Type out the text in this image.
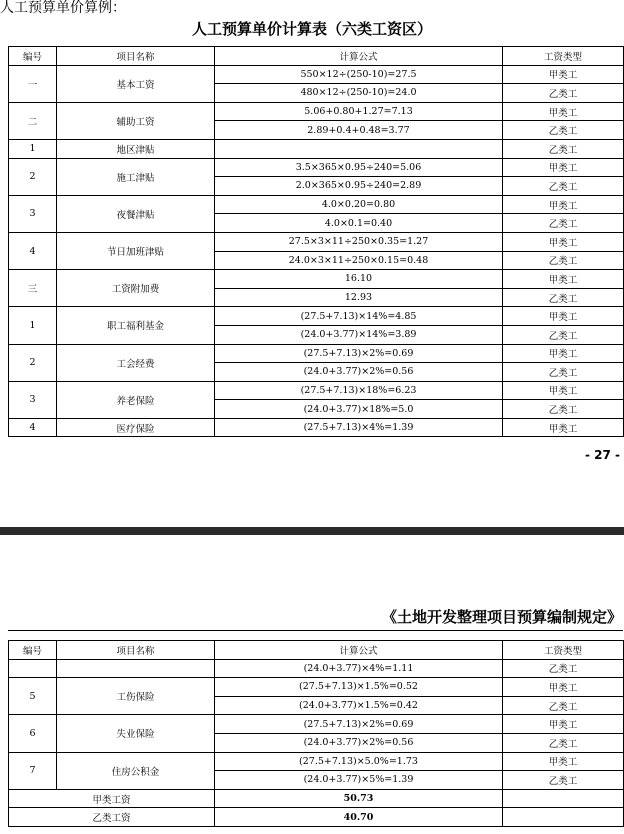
人工预算单价算例：
人工预算单价计算表（六类工资区）
编号	项目名称	计算公式	工资类型
一	基本工资	550×12÷(250-10)=27.5	甲类工
		480×12÷(250-10)=24.0	乙类工
二	辅助工资	5.06+0.80+1.27=7.13	甲类工
		2.89+0.4+0.48=3.77	乙类工
1	地区津贴		乙类工
2	施工津贴	3.5×365×0.95÷240=5.06	甲类工
		2.0×365×0.95÷240=2.89	乙类工
3	夜餐津贴	4.0×0.20=0.80	甲类工
		4.0×0.1=0.40	乙类工
4	节日加班津贴	27.5×3×11÷250×0.35=1.27	甲类工
		24.0×3×11÷250×0.15=0.48	乙类工
三	工资附加费	16.10	甲类工
		12.93	乙类工
1	职工福利基金	(27.5+7.13)×14%=4.85	甲类工
		(24.0+3.77)×14%=3.89	乙类工
2	工会经费	(27.5+7.13)×2%=0.69	甲类工
		(24.0+3.77)×2%=0.56	乙类工
3	养老保险	(27.5+7.13)×18%=6.23	甲类工
		(24.0+3.77)×18%=5.0	乙类工
4	医疗保险	(27.5+7.13)×4%=1.39	甲类工
- 27 -
《土地开发整理项目预算编制规定》
编号	项目名称	计算公式	工资类型
		(24.0+3.77)×4%=1.11	乙类工
5	工伤保险	(27.5+7.13)×1.5%=0.52	甲类工
		(24.0+3.77)×1.5%=0.42	乙类工
6	失业保险	(27.5+7.13)×2%=0.69	甲类工
		(24.0+3.77)×2%=0.56	乙类工
7	住房公积金	(27.5+7.13)×5.0%=1.73	甲类工
		(24.0+3.77)×5%=1.39	乙类工
甲类工资		50.73	
乙类工资		40.70	
